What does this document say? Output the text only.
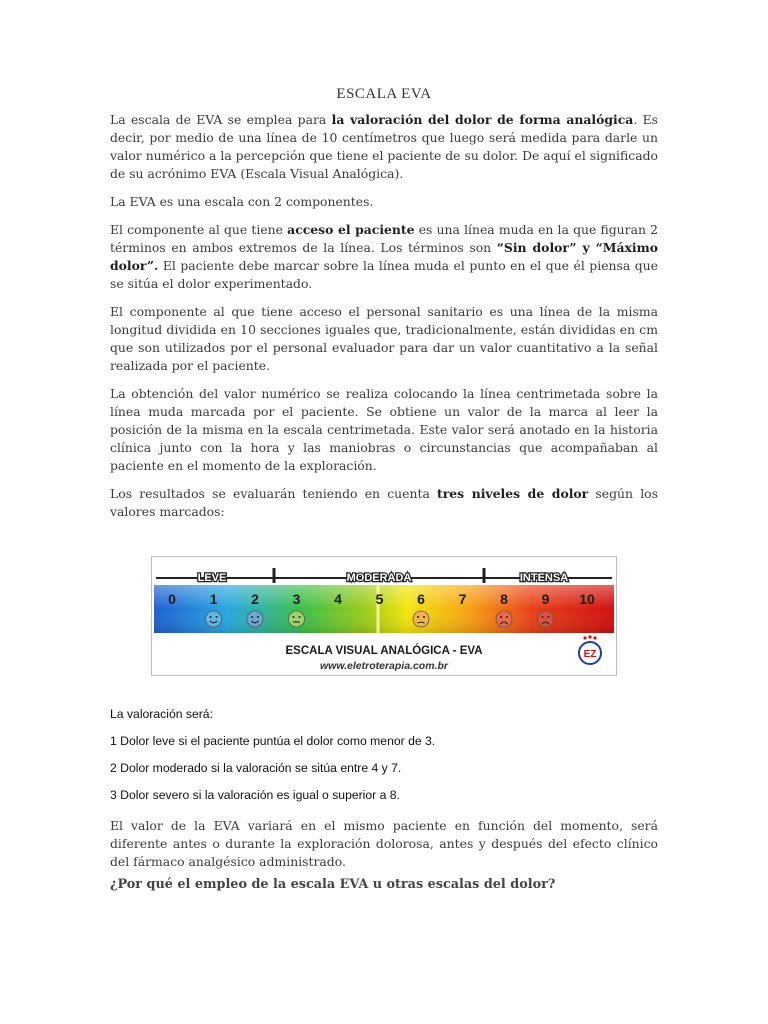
ESCALA EVA

La escala de EVA se emplea para la valoración del dolor de forma analógica. Es decir, por medio de una línea de 10 centímetros que luego será medida para darle un valor numérico a la percepción que tiene el paciente de su dolor. De aquí el significado de su acrónimo EVA (Escala Visual Analógica).

La EVA es una escala con 2 componentes.

El componente al que tiene acceso el paciente es una línea muda en la que figuran 2 términos en ambos extremos de la línea. Los términos son “Sin dolor” y “Máximo dolor”. El paciente debe marcar sobre la línea muda el punto en el que él piensa que se sitúa el dolor experimentado.

El componente al que tiene acceso el personal sanitario es una línea de la misma longitud dividida en 10 secciones iguales que, tradicionalmente, están divididas en cm que son utilizados por el personal evaluador para dar un valor cuantitativo a la señal realizada por el paciente.

La obtención del valor numérico se realiza colocando la línea centrimetada sobre la línea muda marcada por el paciente. Se obtiene un valor de la marca al leer la posición de la misma en la escala centrimetada. Este valor será anotado en la historia clínica junto con la hora y las maniobras o circunstancias que acompañaban al paciente en el momento de la exploración.

Los resultados se evaluarán teniendo en cuenta tres niveles de dolor según los valores marcados:

LEVE	MODERADA	INTENSA
0 1 2 3 4 5 6 7 8 9 10
ESCALA VISUAL ANALÓGICA - EVA
www.eletroterapia.com.br
EZ

La valoración será:

1 Dolor leve si el paciente puntúa el dolor como menor de 3.

2 Dolor moderado si la valoración se sitúa entre 4 y 7.

3 Dolor severo si la valoración es igual o superior a 8.

El valor de la EVA variará en el mismo paciente en función del momento, será diferente antes o durante la exploración dolorosa, antes y después del efecto clínico del fármaco analgésico administrado.

¿Por qué el empleo de la escala EVA u otras escalas del dolor?
